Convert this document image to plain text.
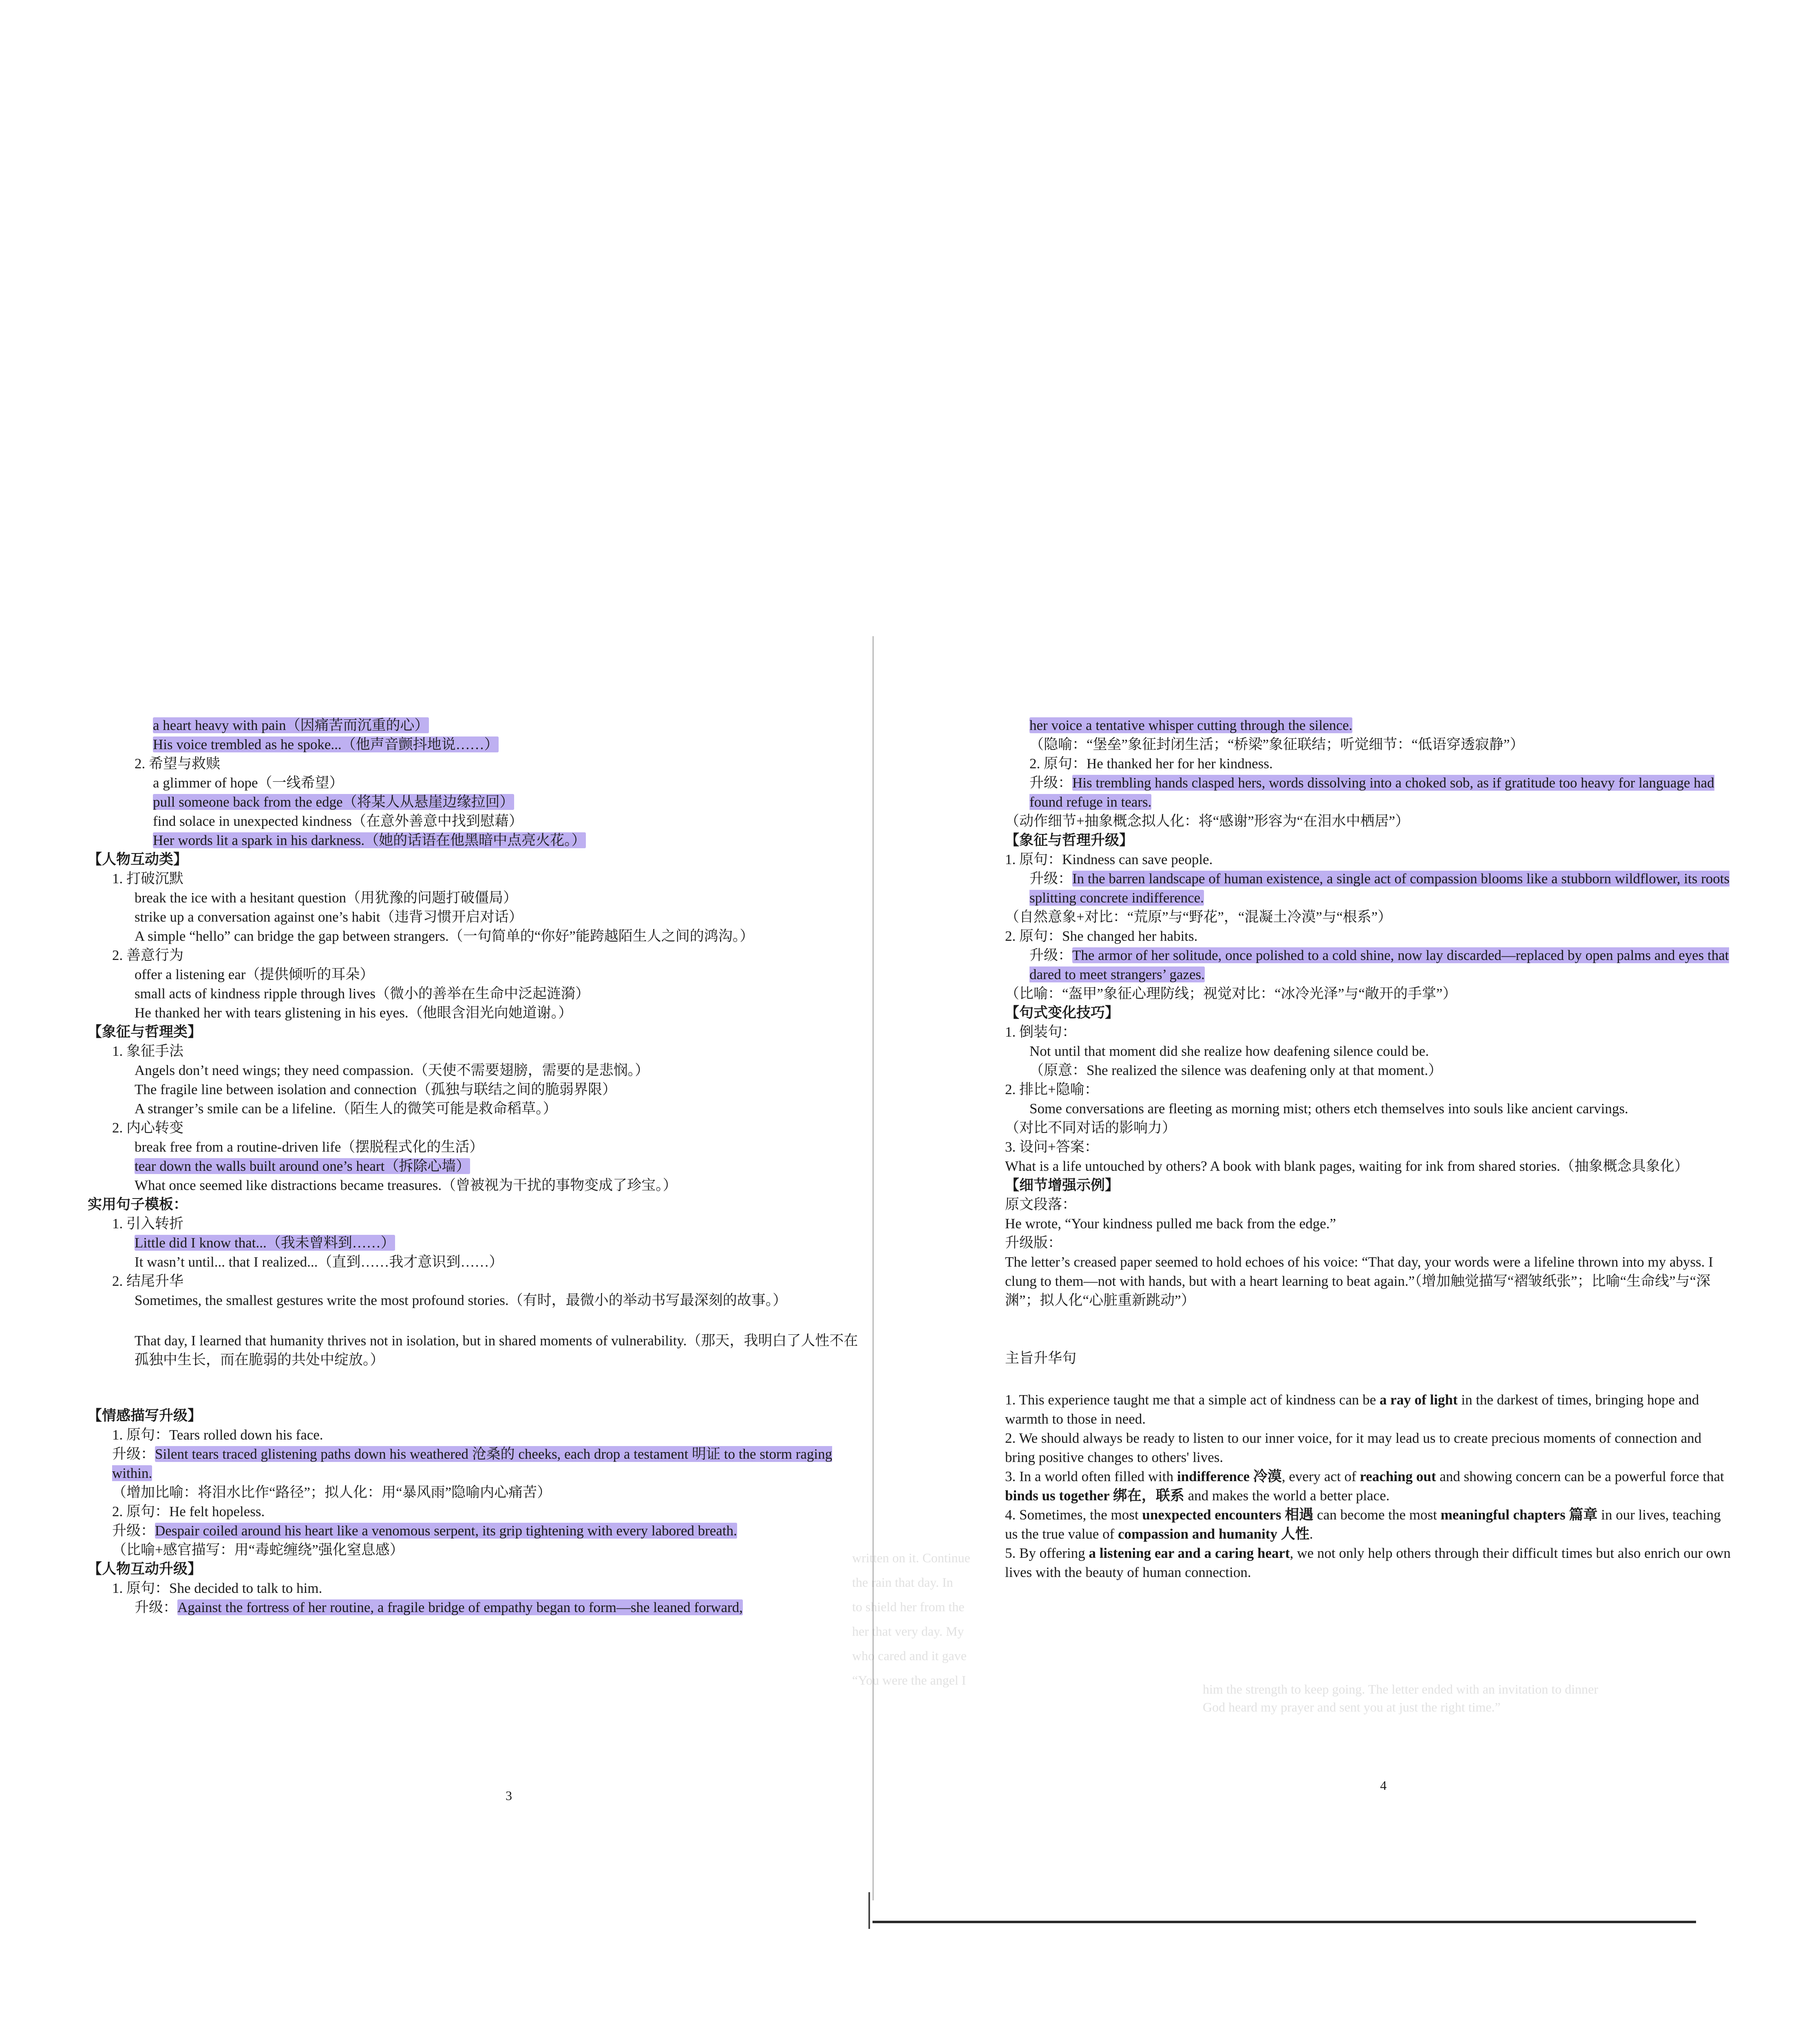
written on it. Continue
the rain that day. In
to shield her from the
her that very day. My
who cared and it gave
“You were the angel I
him the strength to keep going. The letter ended with an invitation to dinner
God heard my prayer and sent you at just the right time.”

a heart heavy with pain（因痛苦而沉重的心）

His voice trembled as he spoke...（他声音颤抖地说……）

2. 希望与救赎

a glimmer of hope（一线希望）

pull someone back from the edge（将某人从悬崖边缘拉回）

find solace in unexpected kindness（在意外善意中找到慰藉）

Her words lit a spark in his darkness.（她的话语在他黑暗中点亮火花。）

【人物互动类】

1. 打破沉默

break the ice with a hesitant question（用犹豫的问题打破僵局）

strike up a conversation against one’s habit（违背习惯开启对话）

A simple “hello” can bridge the gap between strangers.（一句简单的“你好”能跨越陌生人之间的鸿沟。）

2. 善意行为

offer a listening ear（提供倾听的耳朵）

small acts of kindness ripple through lives（微小的善举在生命中泛起涟漪）

He thanked her with tears glistening in his eyes.（他眼含泪光向她道谢。）

【象征与哲理类】

1. 象征手法

Angels don’t need wings; they need compassion.（天使不需要翅膀，需要的是悲悯。）

The fragile line between isolation and connection（孤独与联结之间的脆弱界限）

A stranger’s smile can be a lifeline.（陌生人的微笑可能是救命稻草。）

2. 内心转变

break free from a routine-driven life（摆脱程式化的生活）

tear down the walls built around one’s heart（拆除心墙）

What once seemed like distractions became treasures.（曾被视为干扰的事物变成了珍宝。）

实用句子模板：

1. 引入转折

Little did I know that...（我未曾料到……）

It wasn’t until... that I realized...（直到……我才意识到……）

2. 结尾升华

Sometimes, the smallest gestures write the most profound stories.（有时，最微小的举动书写最深刻的故事。）

That day, I learned that humanity thrives not in isolation, but in shared moments of vulnerability.（那天，我明白了人性不在孤独中生长，而在脆弱的共处中绽放。）

【情感描写升级】

1. 原句：Tears rolled down his face.

升级：Silent tears traced glistening paths down his weathered 沧桑的 cheeks, each drop a testament 明证 to the storm raging within.

（增加比喻：将泪水比作“路径”；拟人化：用“暴风雨”隐喻内心痛苦）

2. 原句：He felt hopeless.

升级：Despair coiled around his heart like a venomous serpent, its grip tightening with every labored breath.

（比喻+感官描写：用“毒蛇缠绕”强化窒息感）

【人物互动升级】

1. 原句：She decided to talk to him.

升级：Against the fortress of her routine, a fragile bridge of empathy began to form—she leaned forward,

3

her voice a tentative whisper cutting through the silence.

（隐喻：“堡垒”象征封闭生活；“桥梁”象征联结；听觉细节：“低语穿透寂静”）

2. 原句：He thanked her for her kindness.

升级：His trembling hands clasped hers, words dissolving into a choked sob, as if gratitude too heavy for language had found refuge in tears.

（动作细节+抽象概念拟人化：将“感谢”形容为“在泪水中栖居”）

【象征与哲理升级】

1. 原句：Kindness can save people.

升级：In the barren landscape of human existence, a single act of compassion blooms like a stubborn wildflower, its roots splitting concrete indifference.

（自然意象+对比：“荒原”与“野花”，“混凝土冷漠”与“根系”）

2. 原句：She changed her habits.

升级：The armor of her solitude, once polished to a cold shine, now lay discarded—replaced by open palms and eyes that dared to meet strangers’ gazes.

（比喻：“盔甲”象征心理防线；视觉对比：“冰冷光泽”与“敞开的手掌”）

【句式变化技巧】

1. 倒装句：

Not until that moment did she realize how deafening silence could be.

（原意：She realized the silence was deafening only at that moment.）

2. 排比+隐喻：

Some conversations are fleeting as morning mist; others etch themselves into souls like ancient carvings.

（对比不同对话的影响力）

3. 设问+答案：

What is a life untouched by others? A book with blank pages, waiting for ink from shared stories.（抽象概念具象化）

【细节增强示例】

原文段落：

He wrote, “Your kindness pulled me back from the edge.”

升级版：

The letter’s creased paper seemed to hold echoes of his voice: “That day, your words were a lifeline thrown into my abyss. I clung to them—not with hands, but with a heart learning to beat again.”（增加触觉描写“褶皱纸张”；比喻“生命线”与“深渊”；拟人化“心脏重新跳动”）

主旨升华句

1. This experience taught me that a simple act of kindness can be a ray of light in the darkest of times, bringing hope and warmth to those in need.

2. We should always be ready to listen to our inner voice, for it may lead us to create precious moments of connection and bring positive changes to others' lives.

3. In a world often filled with indifference 冷漠, every act of reaching out and showing concern can be a powerful force that binds us together 绑在，联系 and makes the world a better place.

4. Sometimes, the most unexpected encounters 相遇 can become the most meaningful chapters 篇章 in our lives, teaching us the true value of compassion and humanity 人性.

5. By offering a listening ear and a caring heart, we not only help others through their difficult times but also enrich our own lives with the beauty of human connection.

4
